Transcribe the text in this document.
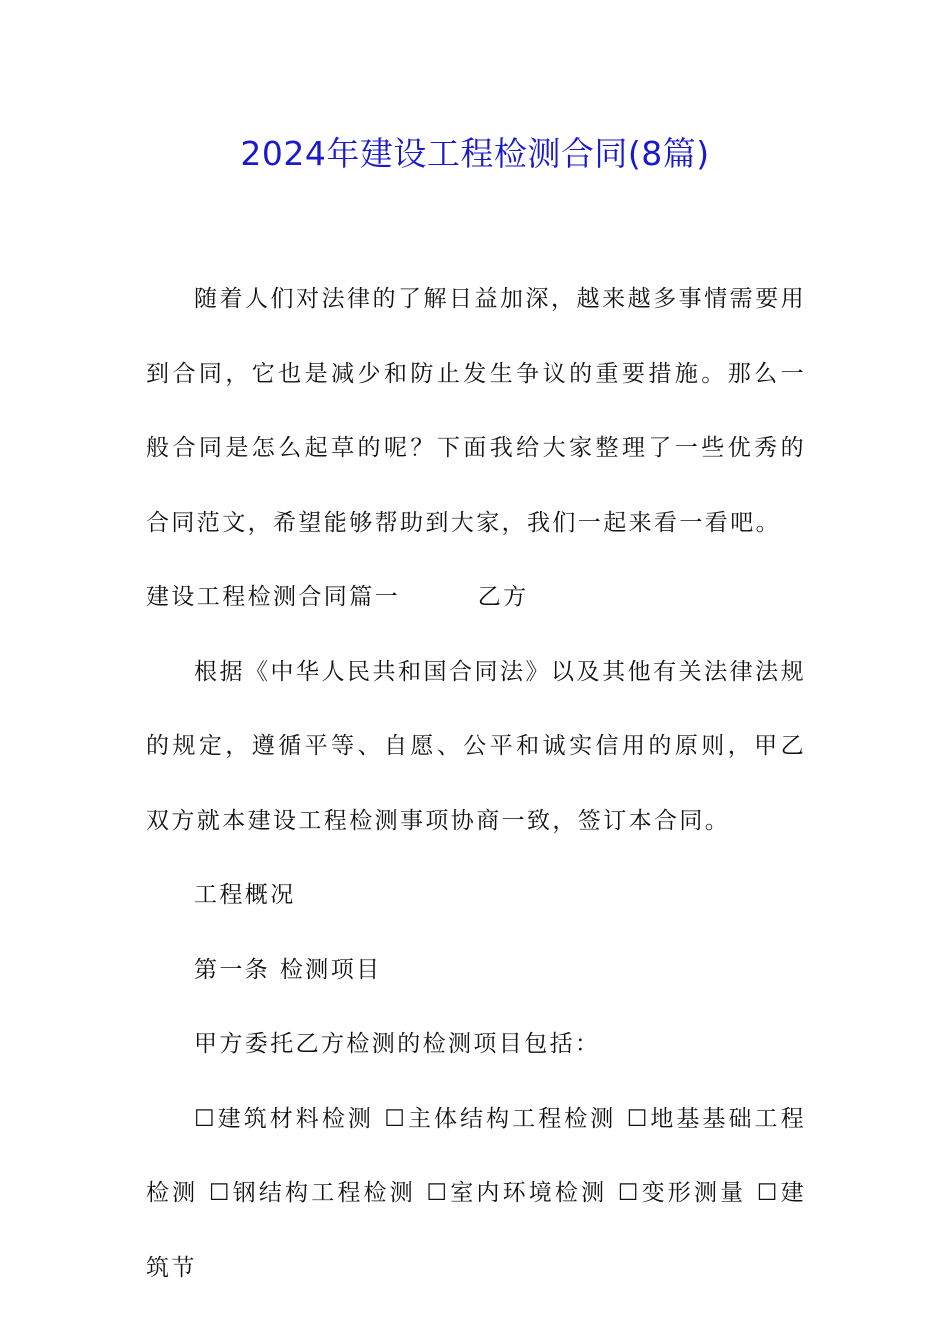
2024年建设工程检测合同(8篇)

随着人们对法律的了解日益加深，越来越多事情需要用到合同，它也是减少和防止发生争议的重要措施。那么一般合同是怎么起草的呢？下面我给大家整理了一些优秀的合同范文，希望能够帮助到大家，我们一起来看一看吧。

建设工程检测合同篇一	乙方

根据《中华人民共和国合同法》以及其他有关法律法规的规定，遵循平等、自愿、公平和诚实信用的原则，甲乙双方就本建设工程检测事项协商一致，签订本合同。

工程概况

第一条 检测项目

甲方委托乙方检测的检测项目包括：

☐建筑材料检测 ☐主体结构工程检测 ☐地基基础工程检测 ☐钢结构工程检测 ☐室内环境检测 ☐变形测量 ☐建筑节
